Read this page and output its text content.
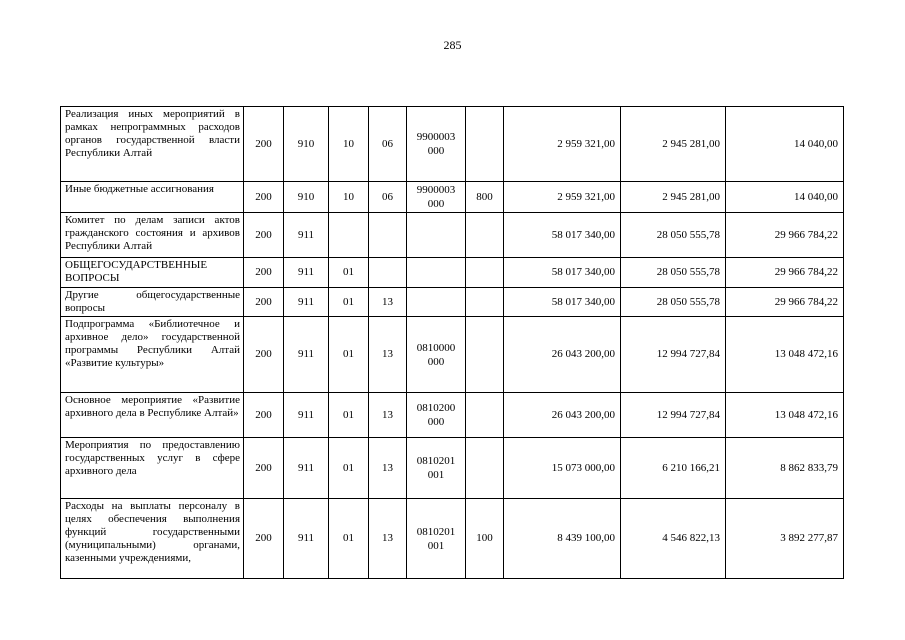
285
Реализация иных мероприятий в рамках непрограммных расходов органов государственной власти Республики Алтай	200	910	10	06	9900003 000		2 959 321,00	2 945 281,00	14 040,00
Иные бюджетные ассигнования	200	910	10	06	9900003 000	800	2 959 321,00	2 945 281,00	14 040,00
Комитет по делам записи актов гражданского состояния и архивов Республики Алтай	200	911					58 017 340,00	28 050 555,78	29 966 784,22
ОБЩЕГОСУДАРСТВЕННЫЕ ВОПРОСЫ	200	911	01				58 017 340,00	28 050 555,78	29 966 784,22
Другие общегосударственные вопросы	200	911	01	13			58 017 340,00	28 050 555,78	29 966 784,22
Подпрограмма «Библиотечное и архивное дело» государственной программы Республики Алтай «Развитие культуры»	200	911	01	13	0810000 000		26 043 200,00	12 994 727,84	13 048 472,16
Основное мероприятие «Развитие архивного дела в Республике Алтай»	200	911	01	13	0810200 000		26 043 200,00	12 994 727,84	13 048 472,16
Мероприятия по предоставлению государственных услуг в сфере архивного дела	200	911	01	13	0810201 001		15 073 000,00	6 210 166,21	8 862 833,79

Расходы на выплаты персоналу в целях обеспечения выполнения функций государственными (муниципальными) органами, казенными учреждениями,	200	911	01	13	0810201 001	100	8 439 100,00	4 546 822,13	3 892 277,87
